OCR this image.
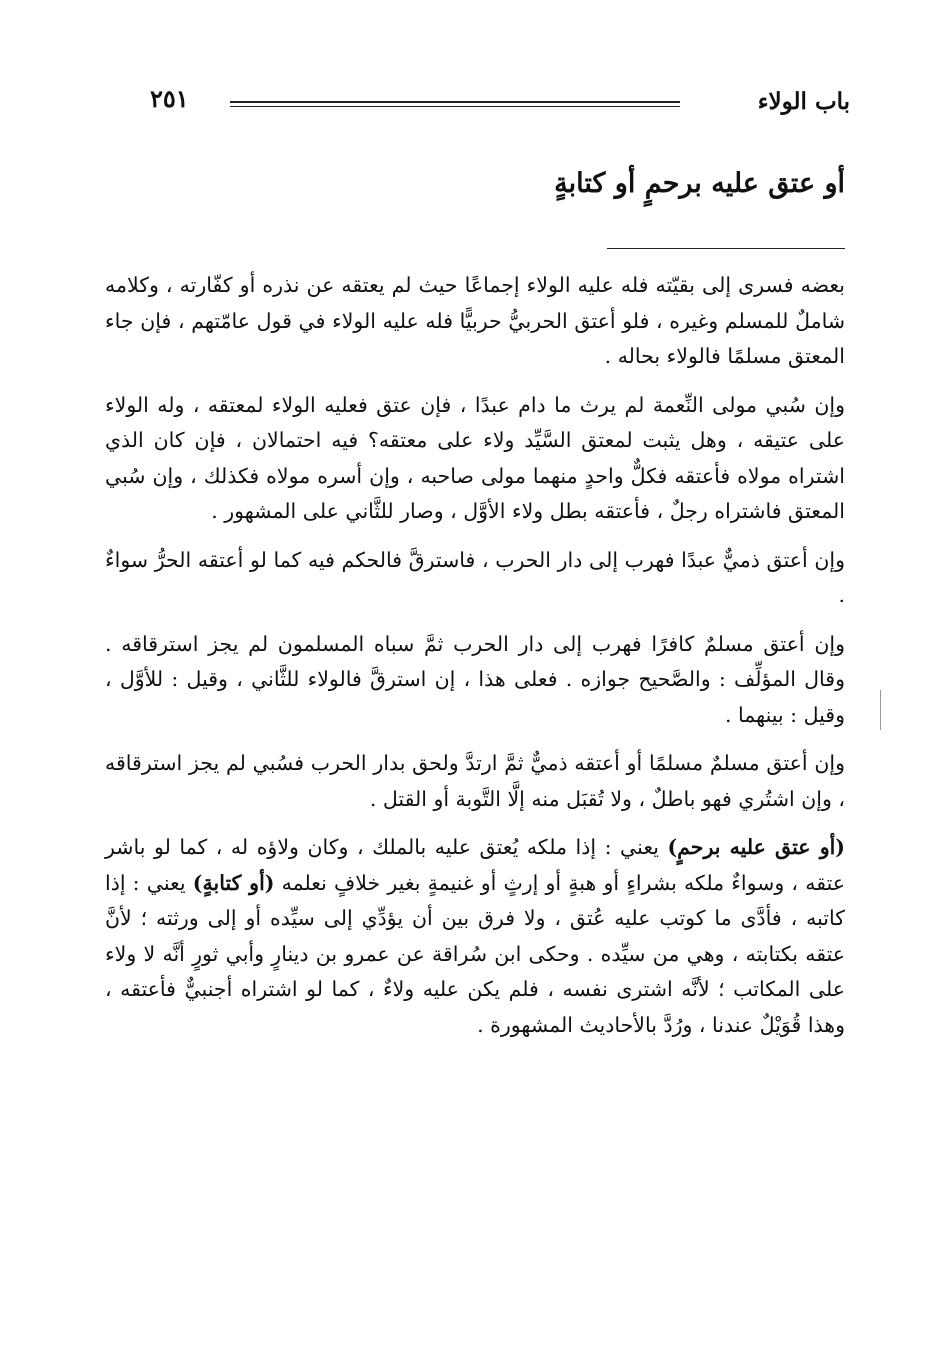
باب الولاء
٢٥١
أو عتق عليه برحمٍ أو كتابةٍ

بعضه فسرى إلى بقيّته فله عليه الولاء إجماعًا حيث لم يعتقه عن نذره أو كفّارته ، وكلامه شاملٌ للمسلم وغيره ، فلو أعتق الحربيُّ حربيًّا فله عليه الولاء في قول عامّتهم ، فإن جاء المعتق مسلمًا فالولاء بحاله .

وإن سُبي مولى النِّعمة لم يرث ما دام عبدًا ، فإن عتق فعليه الولاء لمعتقه ، وله الولاء على عتيقه ، وهل يثبت لمعتق السَّيِّد ولاء على معتقه؟ فيه احتمالان ، فإن كان الذي اشتراه مولاه فأعتقه فكلٌّ واحدٍ منهما مولى صاحبه ، وإن أسره مولاه فكذلك ، وإن سُبي المعتق فاشتراه رجلٌ ، فأعتقه بطل ولاء الأوَّل ، وصار للثَّاني على المشهور .

وإن أعتق ذميٌّ عبدًا فهرب إلى دار الحرب ، فاسترقَّ فالحكم فيه كما لو أعتقه الحرُّ سواءٌ .

وإن أعتق مسلمٌ كافرًا فهرب إلى دار الحرب ثمَّ سباه المسلمون لم يجز استرقاقه . وقال المؤلِّف : والصَّحيح جوازه . فعلى هذا ، إن استرقَّ فالولاء للثَّاني ، وقيل : للأوَّل ، وقيل : بينهما .

وإن أعتق مسلمٌ مسلمًا أو أعتقه ذميٌّ ثمَّ ارتدَّ ولحق بدار الحرب فسُبي لم يجز استرقاقه ، وإن اشتُري فهو باطلٌ ، ولا تُقبَل منه إلَّا التَّوبة أو القتل .

(أو عتق عليه برحمٍ) يعني : إذا ملكه يُعتق عليه بالملك ، وكان ولاؤه له ، كما لو باشر عتقه ، وسواءٌ ملكه بشراءٍ أو هبةٍ أو إرثٍ أو غنيمةٍ بغير خلافٍ نعلمه (أو كتابةٍ) يعني : إذا كاتبه ، فأدَّى ما كوتب عليه عُتق ، ولا فرق بين أن يؤدِّي إلى سيِّده أو إلى ورثته ؛ لأنَّ عتقه بكتابته ، وهي من سيِّده . وحكى ابن سُراقة عن عمرو بن دينارٍ وأبي ثورٍ أنَّه لا ولاء على المكاتب ؛ لأنَّه اشترى نفسه ، فلم يكن عليه ولاءٌ ، كما لو اشتراه أجنبيٌّ فأعتقه ، وهذا قُوَيْلٌ عندنا ، ورُدَّ بالأحاديث المشهورة .
